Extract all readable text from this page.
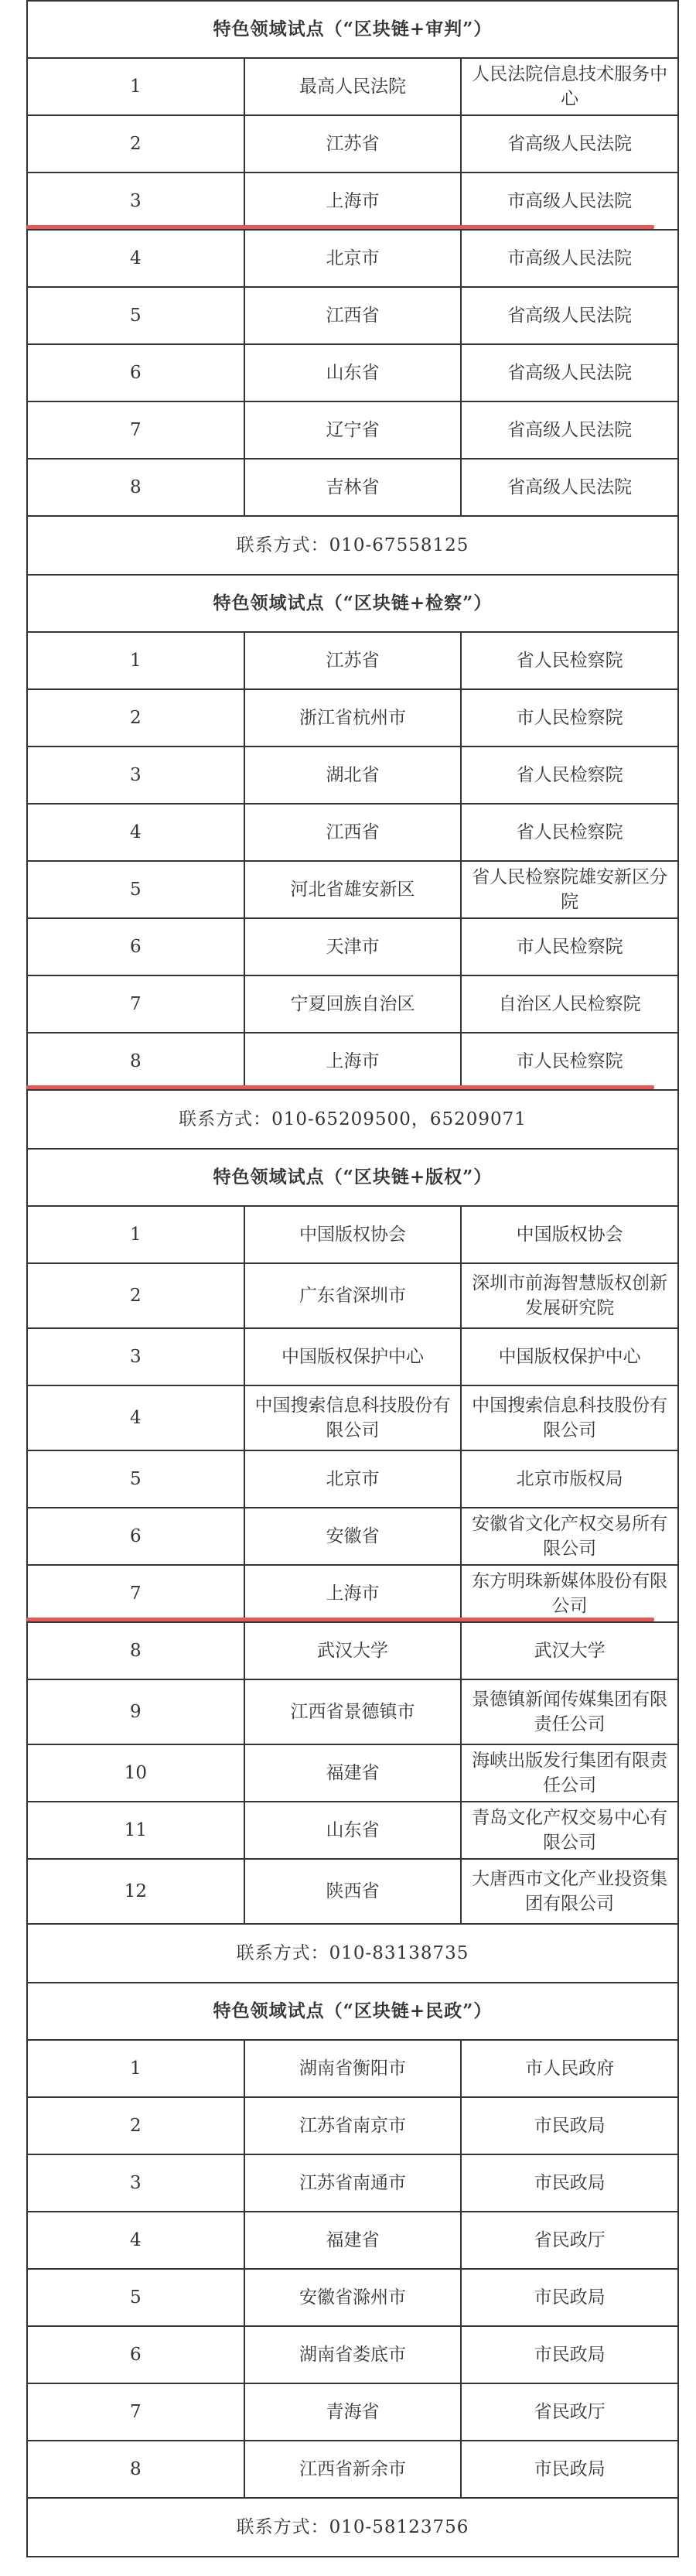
特色领域试点（“区块链+审判”）		
1	最高人民法院	人民法院信息技术服务中心
2	江苏省	省高级人民法院
3	上海市	市高级人民法院
4	北京市	市高级人民法院
5	江西省	省高级人民法院
6	山东省	省高级人民法院
7	辽宁省	省高级人民法院
8	吉林省	省高级人民法院
联系方式：010-67558125		
特色领域试点（“区块链+检察”）		
1	江苏省	省人民检察院
2	浙江省杭州市	市人民检察院
3	湖北省	省人民检察院
4	江西省	省人民检察院
5	河北省雄安新区	省人民检察院雄安新区分院
6	天津市	市人民检察院
7	宁夏回族自治区	自治区人民检察院
8	上海市	市人民检察院
联系方式：010-65209500，65209071		
特色领域试点（“区块链+版权”）		
1	中国版权协会	中国版权协会
2	广东省深圳市	深圳市前海智慧版权创新发展研究院
3	中国版权保护中心	中国版权保护中心
4	中国搜索信息科技股份有限公司	中国搜索信息科技股份有限公司
5	北京市	北京市版权局
6	安徽省	安徽省文化产权交易所有限公司
7	上海市	东方明珠新媒体股份有限公司
8	武汉大学	武汉大学
9	江西省景德镇市	景德镇新闻传媒集团有限责任公司
10	福建省	海峡出版发行集团有限责任公司
11	山东省	青岛文化产权交易中心有限公司
12	陕西省	大唐西市文化产业投资集团有限公司
联系方式：010-83138735		
特色领域试点（“区块链+民政”）		
1	湖南省衡阳市	市人民政府
2	江苏省南京市	市民政局
3	江苏省南通市	市民政局
4	福建省	省民政厅
5	安徽省滁州市	市民政局
6	湖南省娄底市	市民政局
7	青海省	省民政厅
8	江西省新余市	市民政局
联系方式：010-58123756		
